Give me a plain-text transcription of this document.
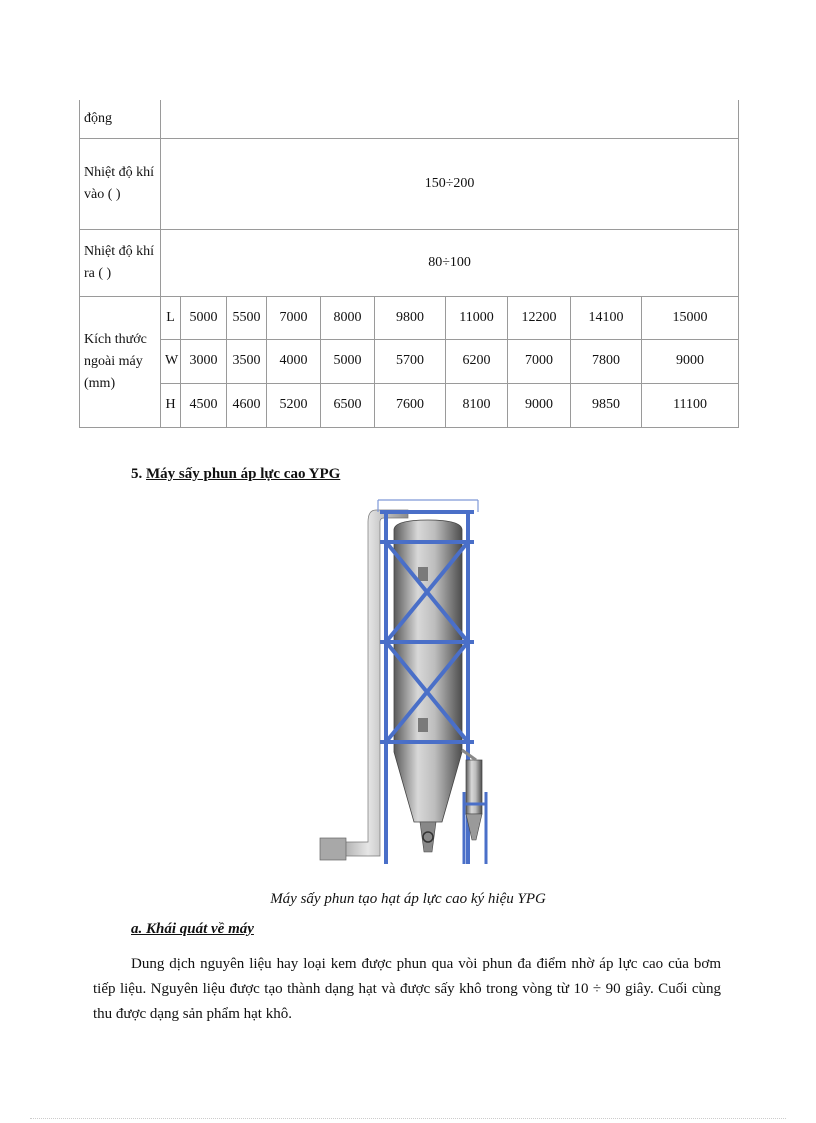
động										
Nhiệt độ khí vào ( )	150÷200									
Nhiệt độ khí ra ( )	80÷100									
Kích thước ngoài máy (mm)	L	5000	5500	7000	8000	9800	11000	12200	14100	15000
	W	3000	3500	4000	5000	5700	6200	7000	7800	9000
	H	4500	4600	5200	6500	7600	8100	9000	9850	11100
5. Máy sấy phun áp lực cao YPG
Máy sấy phun tạo hạt áp lực cao ký hiệu YPG
a. Khái quát về máy

Dung dịch nguyên liệu hay loại kem được phun qua vòi phun đa điểm nhờ áp lực cao của bơm tiếp liệu. Nguyên liệu được tạo thành dạng hạt và được sấy khô trong vòng từ 10 ÷ 90 giây. Cuối cùng thu được dạng sản phẩm hạt khô.
